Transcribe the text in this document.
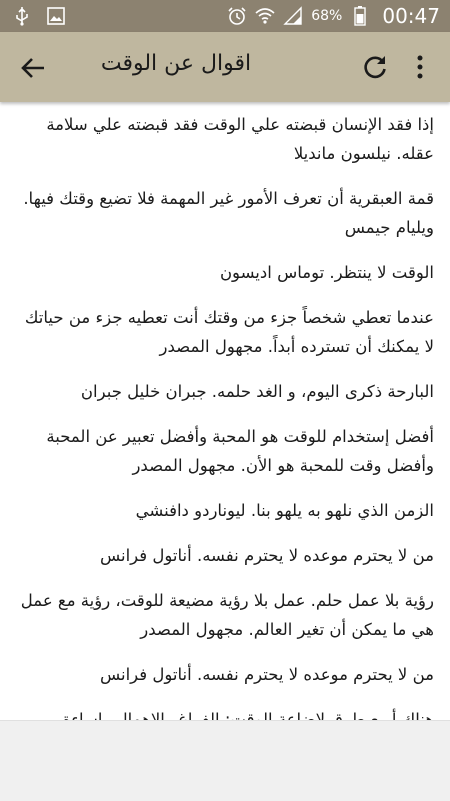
68% 00:47
اقوال عن الوقت

إذا فقد الإنسان قبضته علي الوقت فقد قبضته علي سلامة عقله. نيلسون مانديلا

قمة العبقرية أن تعرف الأمور غير المهمة فلا تضيع وقتك فيها. ويليام جيمس

الوقت لا ينتظر. توماس اديسون

عندما تعطي شخصاً جزء من وقتك أنت تعطيه جزء من حياتك لا يمكنك أن تسترده أبداً. مجهول المصدر

البارحة ذكرى اليوم، و الغد حلمه. جبران خليل جبران

أفضل إستخدام للوقت هو المحبة وأفضل تعبير عن المحبة وأفضل وقت للمحبة هو الأن. مجهول المصدر

الزمن الذي نلهو به يلهو بنا. ليوناردو دافنشي

من لا يحترم موعده لا يحترم نفسه. أناتول فرانس

رؤية بلا عمل حلم. عمل بلا رؤية مضيعة للوقت، رؤية مع عمل هي ما يمكن أن تغير العالم. مجهول المصدر

من لا يحترم موعده لا يحترم نفسه. أناتول فرانس
